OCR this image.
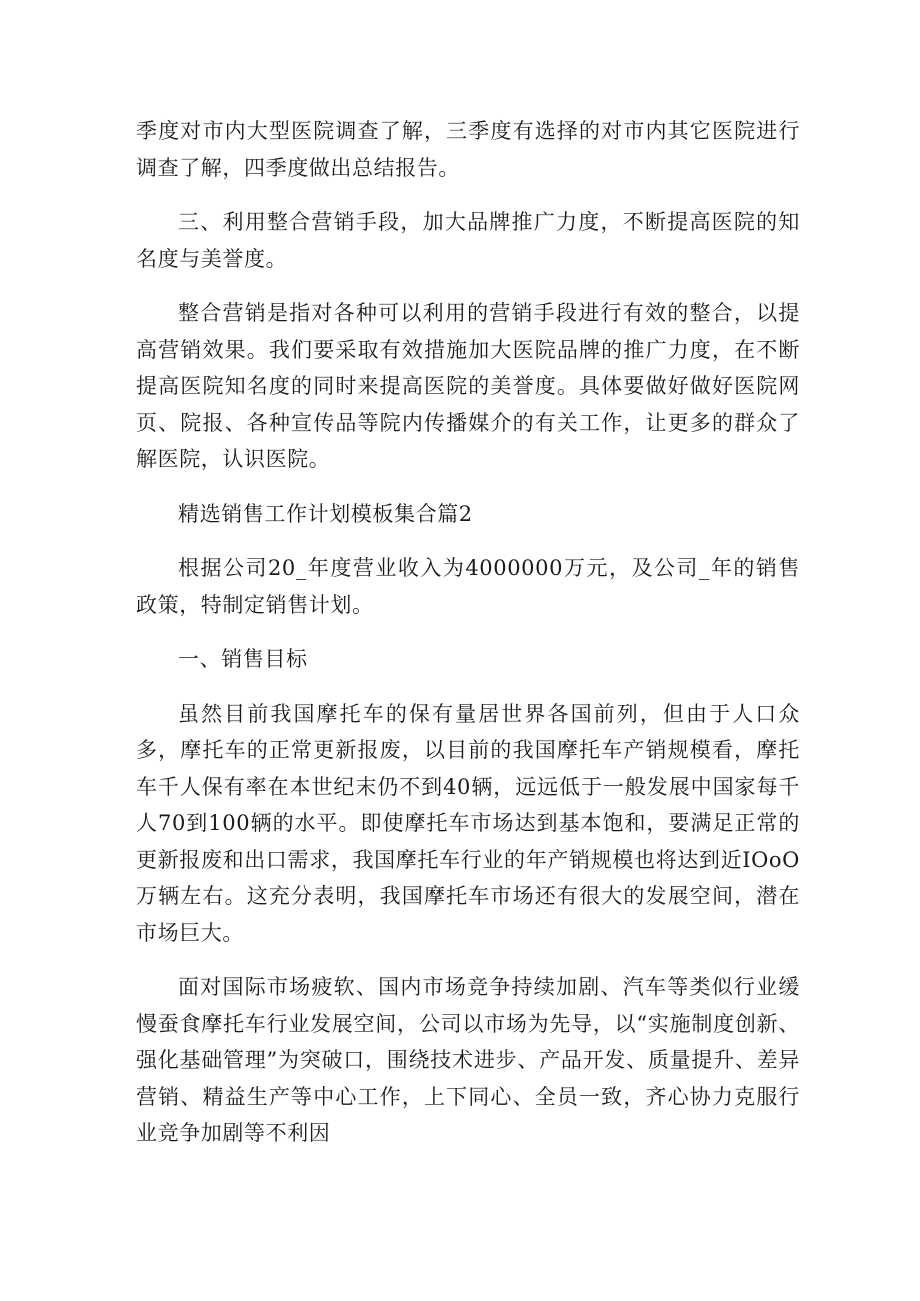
季度对市内大型医院调查了解，三季度有选择的对市内其它医院进行调查了解，四季度做出总结报告。

三、利用整合营销手段，加大品牌推广力度，不断提高医院的知名度与美誉度。

整合营销是指对各种可以利用的营销手段进行有效的整合，以提高营销效果。我们要采取有效措施加大医院品牌的推广力度，在不断提高医院知名度的同时来提高医院的美誉度。具体要做好做好医院网页、院报、各种宣传品等院内传播媒介的有关工作，让更多的群众了解医院，认识医院。

精选销售工作计划模板集合篇2

根据公司20_年度营业收入为4000000万元，及公司_年的销售政策，特制定销售计划。

一、销售目标

虽然目前我国摩托车的保有量居世界各国前列，但由于人口众多，摩托车的正常更新报废，以目前的我国摩托车产销规模看，摩托车千人保有率在本世纪末仍不到40辆，远远低于一般发展中国家每千人70到100辆的水平。即使摩托车市场达到基本饱和，要满足正常的更新报废和出口需求，我国摩托车行业的年产销规模也将达到近IOoO万辆左右。这充分表明，我国摩托车市场还有很大的发展空间，潜在市场巨大。

面对国际市场疲软、国内市场竞争持续加剧、汽车等类似行业缓慢蚕食摩托车行业发展空间，公司以市场为先导，以“实施制度创新、强化基础管理”为突破口，围绕技术进步、产品开发、质量提升、差异营销、精益生产等中心工作，上下同心、全员一致，齐心协力克服行业竞争加剧等不利因
